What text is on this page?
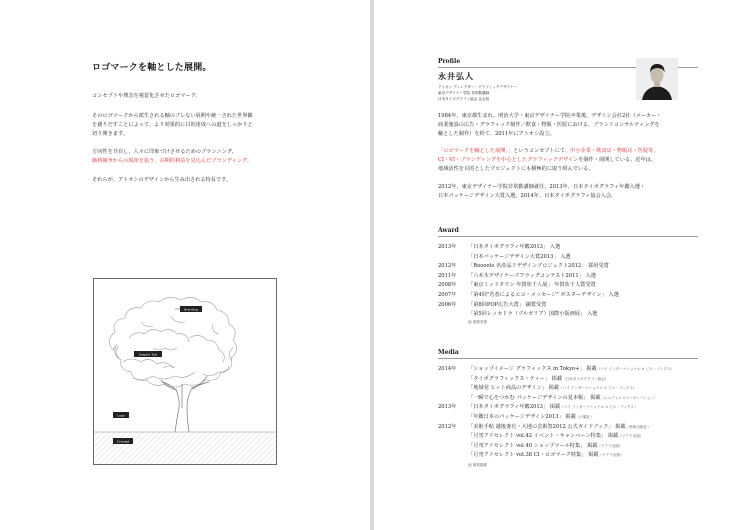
ロゴマークを軸とした展開。
コンセプトや理念を視覚化させたロゴマーク。
そのロゴマークから派生される軸のブレない展開や統一された世界観
を創りだすことによって、より効果的に目的達成への道をしっかりと
切り開きます。
方向性を共有し、人々に印象づけさせるためのブランニング。
価格競争からの脱却を狙う、長期的利益を見込んだブランディング。
それらが、アトオシのデザインから生み出される特長です。
Branding
Graphic Tool
Logo
Concept
Profile
永井弘人
アトオシ ディレクター・グラフィックデザイナー
東京デザイナー学院 非常勤講師
日本タイポグラフィ協会 正会員
1984年、東京都生まれ。明治大学・東京デザイナー学院卒業後、デザイン会社2社（メーカー・
商業施設の広告・グラフィック制作／飲食・物販・医院における、ブランドコンサルティングを
軸とした制作）を経て、2011年にアトオシ設立。
「ロゴマークを軸とした展開。」というコンセプトにて、中小企業・飲食店・物販店・医院等、
CI・VI・ブランディングを中心としたグラフィックデザインを制作・展開している。近年は、
地域活性を目的としたプロジェクトにも積極的に取り組んでいる。
2012年、東京デザイナー学院非常勤講師就任。2013年、日本タイポグラフィ年鑑入選・
日本パッケージデザイン大賞入選。2014年、日本タイポグラフィ協会入会。
Award
2013年	「日本タイポグラフィ年鑑2013」 入選
「日本パッケージデザイン大賞2013」 入選
2012年	「Roooots 名産品リデザインプロジェクト2012」 採用受賞
2011年	「六本木デザイナーズフラッグコンテスト2011」 入選
2008年	「東京ミッドタウン 年賀状千人展」 年賀状千人賞受賞
2007年	「第4回"若者によるエコ・メッセージ" ポスターデザイン」 入選
2006年	「第8回POP広告大賞」 銅賞受賞
「第5回レッセドラ（ブルガリア）国際小版画展」 入選
他 複数受賞
Media
2014年	「ショップイメージ グラフィックス in Tokyo+」 掲載（パイ インターナショナル × ピエ・ブックス）
「タイポグラフィックス・ティー」 掲載（日本タイポグラフィ協会）
「地域発 ヒット商品のデザイン」 掲載（パイ インターナショナル × ピエ・ブックス）
「一瞬で心をつかむ パッケージデザインの見本帳」 掲載（エムディエヌコーポレーション）
2013年	「日本タイポグラフィ年鑑2013」 掲載（パイ インターナショナル × ピエ・ブックス）
「年鑑日本のパッケージデザイン2013」 掲載（六耀社）
2012年	「美術手帖 越後妻有・大地の芸術祭2012 公式ガイドブック」 掲載（美術出版社）
「月刊アドセレクト vol.42 イベント・キャンペーン特集」 掲載（ツアウ出版）
「月刊アドセレクト vol.40 ショップツール特集」 掲載（ツアウ出版）
「月刊アドセレクト vol.38 CI・ロゴマーク特集」 掲載（ツアウ出版）
他 複数掲載
